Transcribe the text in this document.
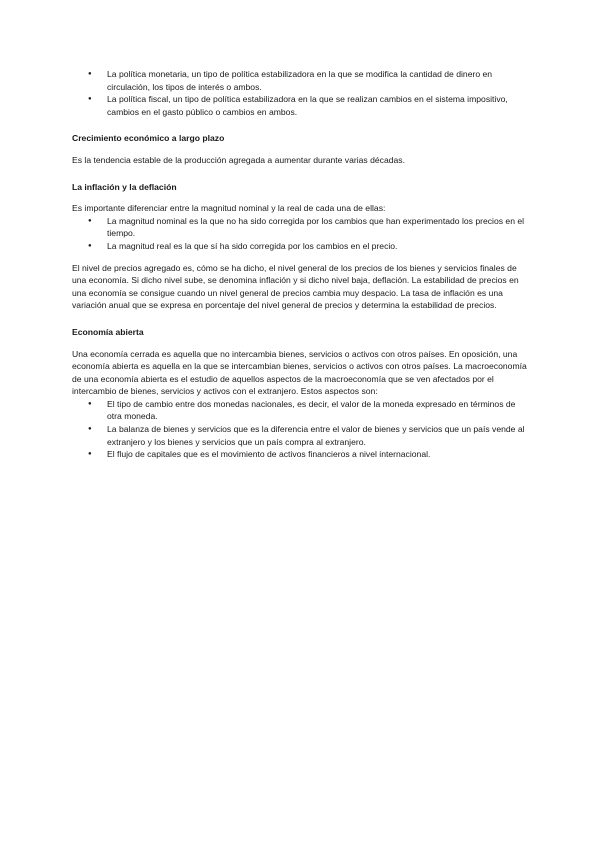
● La política monetaria, un tipo de política estabilizadora en la que se modifica la cantidad de dinero en circulación, los tipos de interés o ambos.
● La política fiscal, un tipo de política estabilizadora en la que se realizan cambios en el sistema impositivo, cambios en el gasto público o cambios en ambos.
Crecimiento económico a largo plazo

Es la tendencia estable de la producción agregada a aumentar durante varias décadas.

La inflación y la deflación

Es importante diferenciar entre la magnitud nominal y la real de cada una de ellas:

● La magnitud nominal es la que no ha sido corregida por los cambios que han experimentado los precios en el tiempo.
● La magnitud real es la que sí ha sido corregida por los cambios en el precio.

El nivel de precios agregado es, cómo se ha dicho, el nivel general de los precios de los bienes y servicios finales de una economía. Si dicho nivel sube, se denomina inflación y si dicho nivel baja, deflación. La estabilidad de precios en una economía se consigue cuando un nivel general de precios cambia muy despacio. La tasa de inflación es una variación anual que se expresa en porcentaje del nivel general de precios y determina la estabilidad de precios.

Economía abierta

Una economía cerrada es aquella que no intercambia bienes, servicios o activos con otros países. En oposición, una economía abierta es aquella en la que se intercambian bienes, servicios o activos con otros países. La macroeconomía de una economía abierta es el estudio de aquellos aspectos de la macroeconomía que se ven afectados por el intercambio de bienes, servicios y activos con el extranjero. Estos aspectos son:

● El tipo de cambio entre dos monedas nacionales, es decir, el valor de la moneda expresado en términos de otra moneda.
● La balanza de bienes y servicios que es la diferencia entre el valor de bienes y servicios que un país vende al extranjero y los bienes y servicios que un país compra al extranjero.
● El flujo de capitales que es el movimiento de activos financieros a nivel internacional.
